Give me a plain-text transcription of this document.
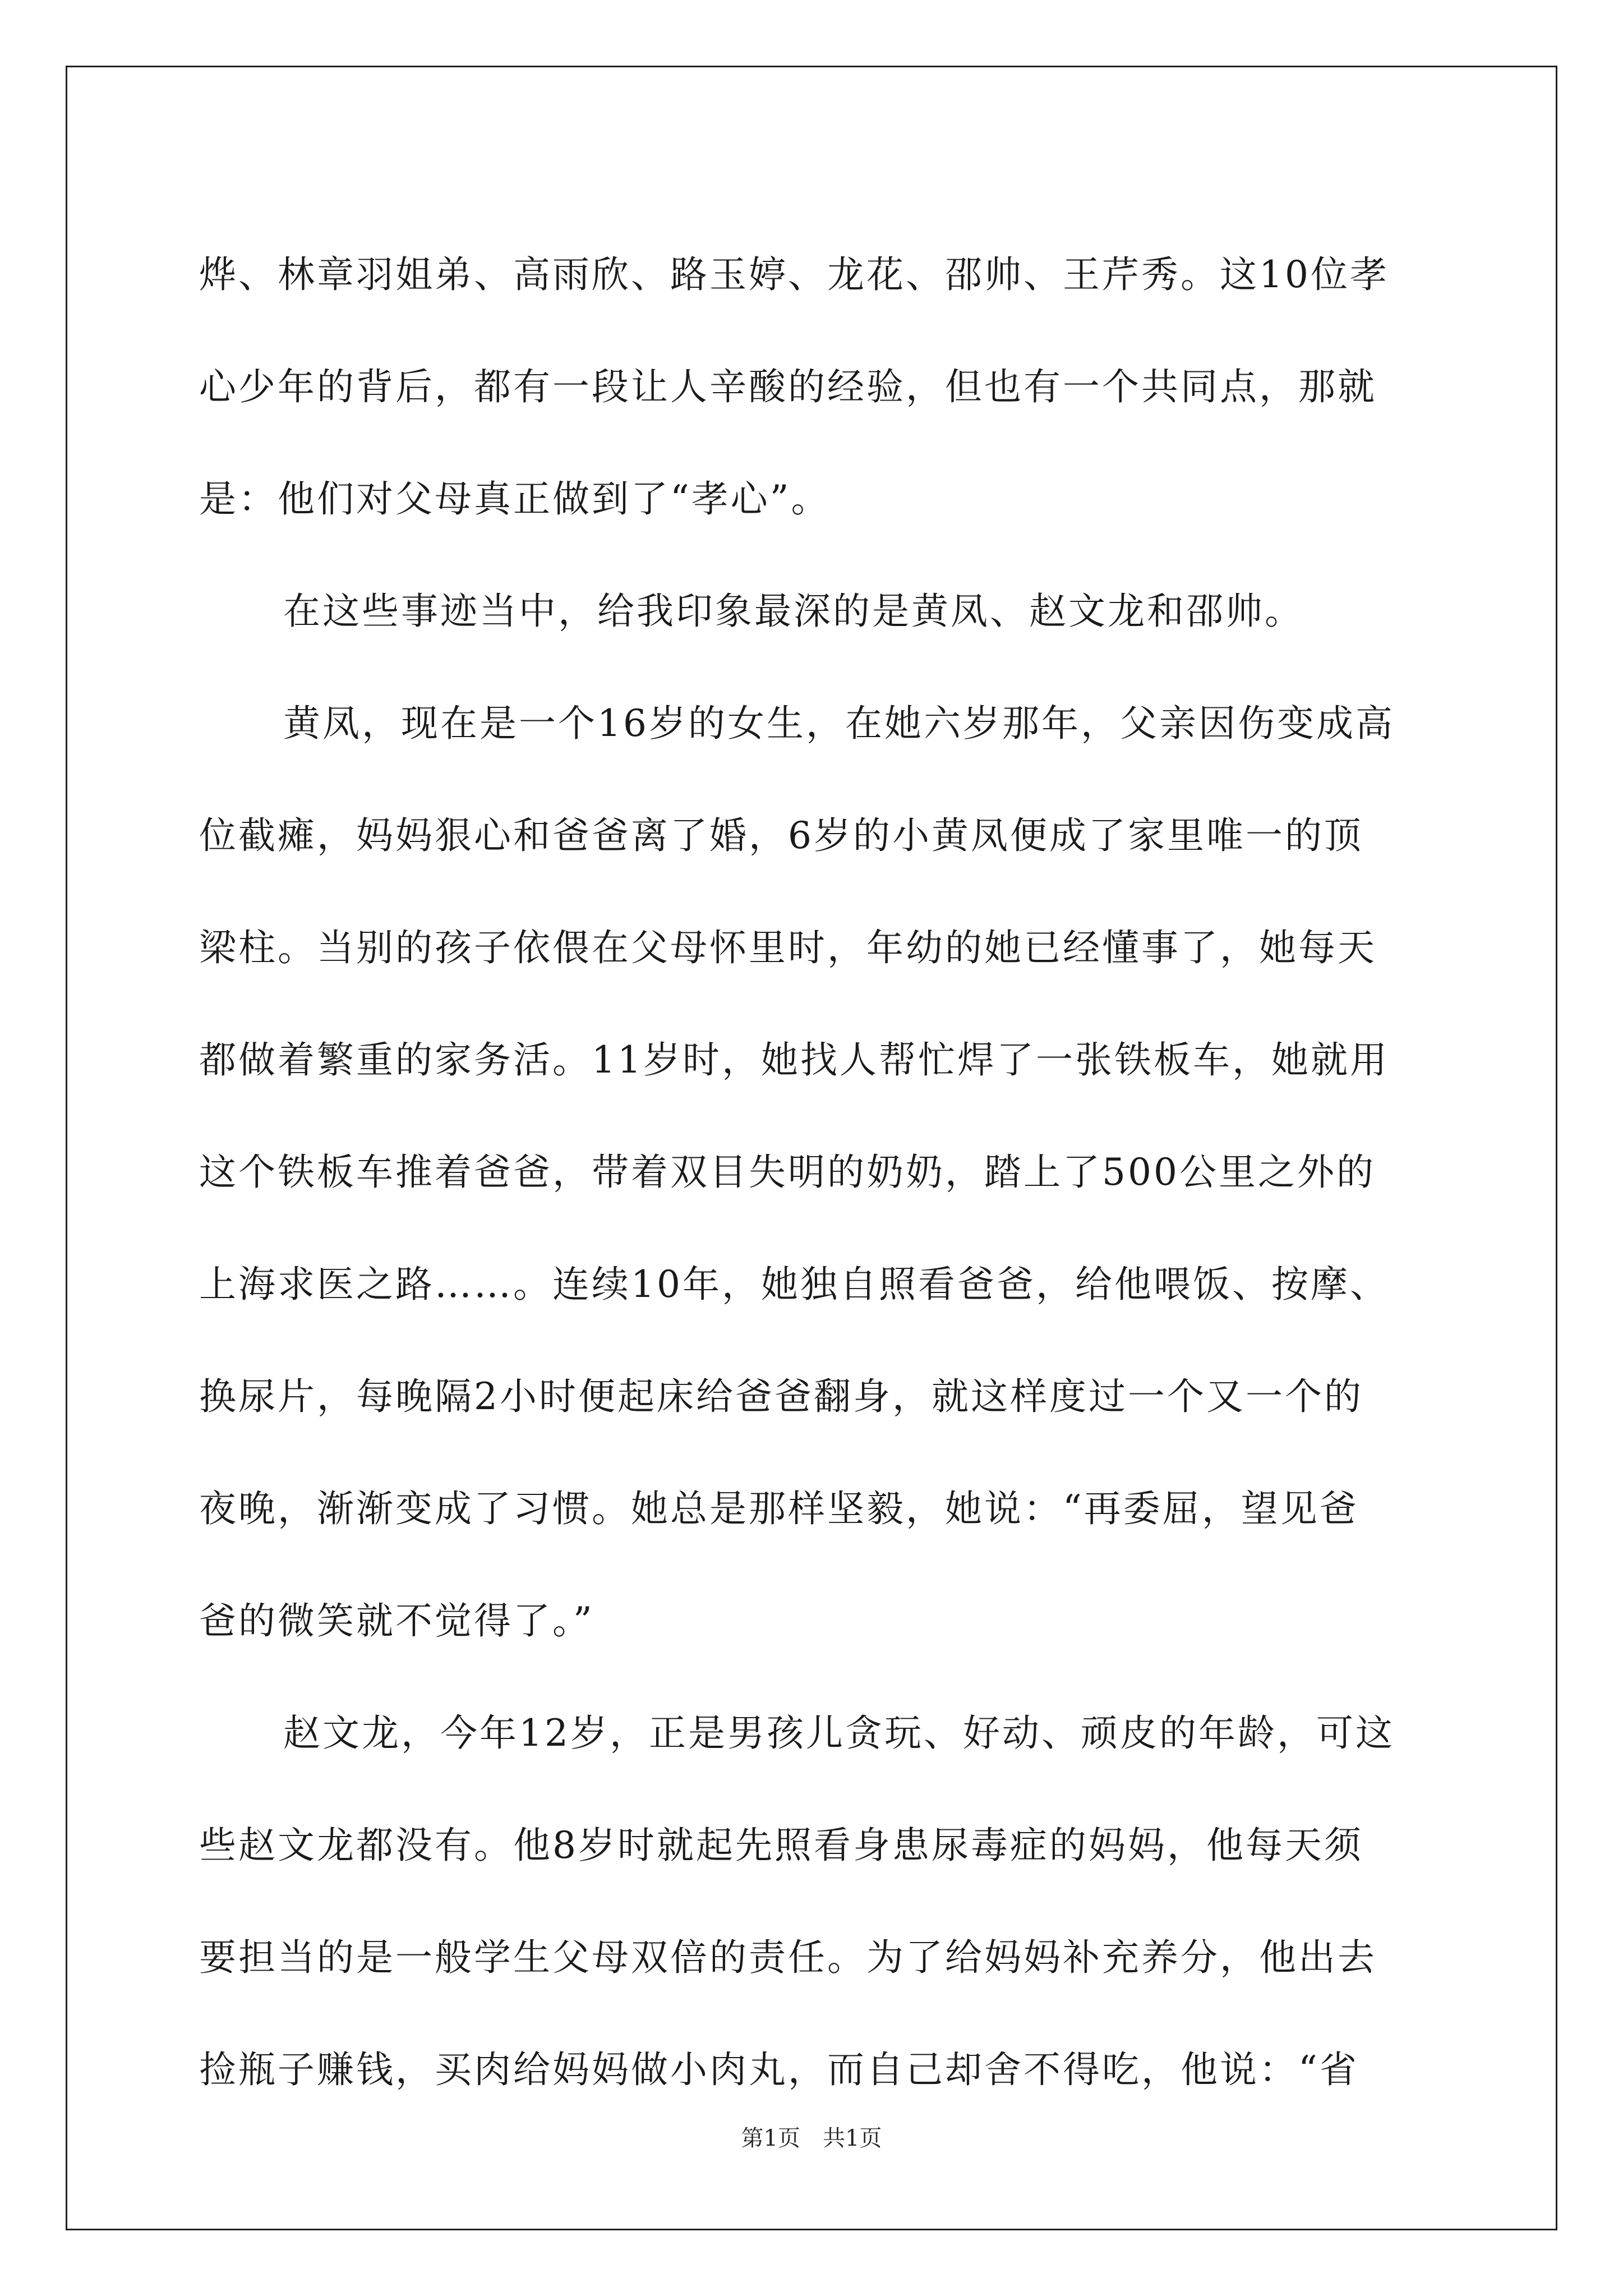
烨、林章羽姐弟、高雨欣、路玉婷、龙花、邵帅、王芹秀。这10位孝
心少年的背后，都有一段让人辛酸的经验，但也有一个共同点，那就
是：他们对父母真正做到了“孝心”。
在这些事迹当中，给我印象最深的是黄凤、赵文龙和邵帅。
黄凤，现在是一个16岁的女生，在她六岁那年，父亲因伤变成高
位截瘫，妈妈狠心和爸爸离了婚，6岁的小黄凤便成了家里唯一的顶
梁柱。当别的孩子依偎在父母怀里时，年幼的她已经懂事了，她每天
都做着繁重的家务活。11岁时，她找人帮忙焊了一张铁板车，她就用
这个铁板车推着爸爸，带着双目失明的奶奶，踏上了500公里之外的
上海求医之路……。连续10年，她独自照看爸爸，给他喂饭、按摩、
换尿片，每晚隔2小时便起床给爸爸翻身，就这样度过一个又一个的
夜晚，渐渐变成了习惯。她总是那样坚毅，她说：“再委屈，望见爸
爸的微笑就不觉得了。”
赵文龙，今年12岁，正是男孩儿贪玩、好动、顽皮的年龄，可这
些赵文龙都没有。他8岁时就起先照看身患尿毒症的妈妈，他每天须
要担当的是一般学生父母双倍的责任。为了给妈妈补充养分，他出去
捡瓶子赚钱，买肉给妈妈做小肉丸，而自己却舍不得吃，他说：“省
第1页　共1页
